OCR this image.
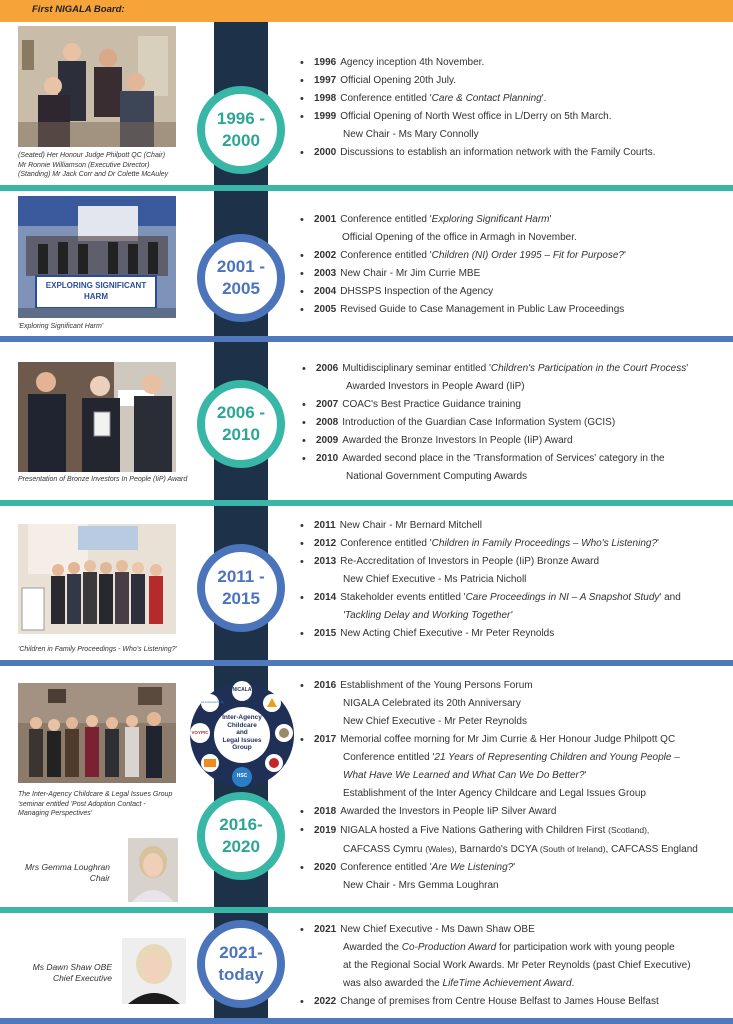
First NIGALA Board:
(Seated) Her Honour Judge Philpott QC (Chair)
Mr Ronnie Williamson (Executive Director)
(Standing) Mr Jack Corr and Dr Colette McAuley
1996 -
2000
• 1996 Agency inception 4th November.
• 1997 Official Opening 20th July.
• 1998 Conference entitled 'Care & Contact Planning'.
• 1999 Official Opening of North West office in L/Derry on 5th March.
New Chair - Ms Mary Connolly
• 2000 Discussions to establish an information network with the Family Courts.
EXPLORING SIGNIFICANT
HARM
'Exploring Significant Harm'
2001 -
2005
• 2001 Conference entitled 'Exploring Significant Harm'
Official Opening of the office in Armagh in November.
• 2002 Conference entitled 'Children (NI) Order 1995 – Fit for Purpose?'
• 2003 New Chair - Mr Jim Currie MBE
• 2004 DHSSPS Inspection of the Agency
• 2005 Revised Guide to Case Management in Public Law Proceedings
Presentation of Bronze Investors In People (IiP) Award
2006 -
2010
• 2006 Multidisciplinary seminar entitled 'Children's Participation in the Court Process'
Awarded Investors in People Award (IiP)
• 2007 COAC's Best Practice Guidance training
• 2008 Introduction of the Guardian Case Information System (GCIS)
• 2009 Awarded the Bronze Investors In People (IiP) Award
• 2010 Awarded second place in the 'Transformation of Services' category in the
National Government Computing Awards
'Children in Family Proceedings - Who's Listening?'
2011 -
2015
• 2011 New Chair - Mr Bernard Mitchell
• 2012 Conference entitled 'Children in Family Proceedings – Who's Listening?'
• 2013 Re-Accreditation of Investors in People (IiP) Bronze Award
New Chief Executive - Ms Patricia Nicholl
• 2014 Stakeholder events entitled 'Care Proceedings in NI – A Snapshot Study' and
'Tackling Delay and Working Together'
• 2015 New Acting Chief Executive - Mr Peter Reynolds
The Inter-Agency Childcare & Legal Issues Group
'seminar entitled 'Post Adoption Contact -
Managing Perspectives'
Inter-Agency
Childcare
and
Legal Issues
Group
NICALA
VOYPIC
HSC
educationauthority
2016-
2020
Mrs Gemma Loughran
Chair
• 2016 Establishment of the Young Persons Forum
NIGALA Celebrated its 20th Anniversary
New Chief Executive - Mr Peter Reynolds
• 2017 Memorial coffee morning for Mr Jim Currie & Her Honour Judge Philpott QC
Conference entitled '21 Years of Representing Children and Young People –
What Have We Learned and What Can We Do Better?'
Establishment of the Inter Agency Childcare and Legal Issues Group
• 2018 Awarded the Investors in People IiP Silver Award
• 2019 NIGALA hosted a Five Nations Gathering with Children First (Scotland),
CAFCASS Cymru (Wales), Barnardo's DCYA (South of Ireland), CAFCASS England
• 2020 Conference entitled 'Are We Listening?'
New Chair - Mrs Gemma Loughran
Ms Dawn Shaw OBE
Chief Executive
2021-
today
• 2021 New Chief Executive - Ms Dawn Shaw OBE
Awarded the Co-Production Award for participation work with young people
at the Regional Social Work Awards. Mr Peter Reynolds (past Chief Executive)
was also awarded the LifeTime Achievement Award.
• 2022 Change of premises from Centre House Belfast to James House Belfast
